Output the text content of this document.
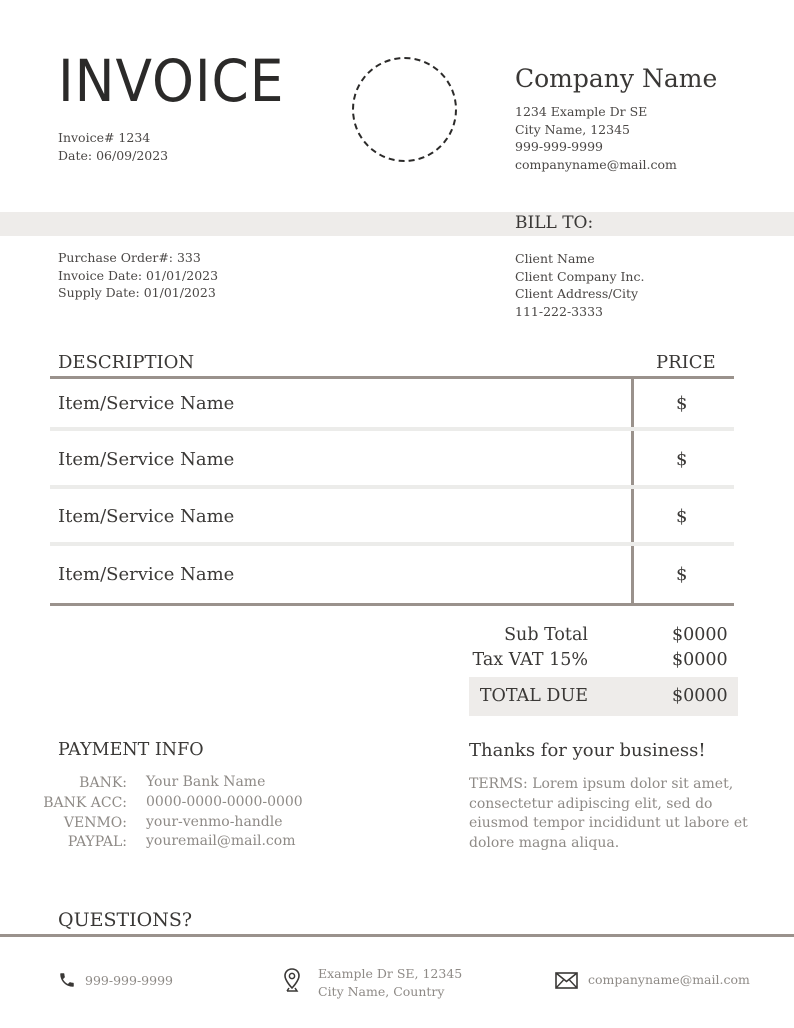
INVOICE
Invoice# 1234
Date: 06/09/2023
Company Name
1234 Example Dr SE
City Name, 12345
999-999-9999
companyname@mail.com
BILL TO:
Purchase Order#: 333
Invoice Date: 01/01/2023
Supply Date: 01/01/2023
Client Name
Client Company Inc.
Client Address/City
111-222-3333
DESCRIPTION	PRICE
Item/Service Name	$
Item/Service Name	$
Item/Service Name	$
Item/Service Name	$
Sub Total	$0000
Tax VAT 15%	$0000
TOTAL DUE	$0000
PAYMENT INFO
BANK: Your Bank Name
BANK ACC: 0000-0000-0000-0000
VENMO: your-venmo-handle
PAYPAL: youremail@mail.com
Thanks for your business!
TERMS: Lorem ipsum dolor sit amet, consectetur adipiscing elit, sed do eiusmod tempor incididunt ut labore et dolore magna aliqua.
QUESTIONS?
999-999-9999	Example Dr SE, 12345
City Name, Country
companyname@mail.com
